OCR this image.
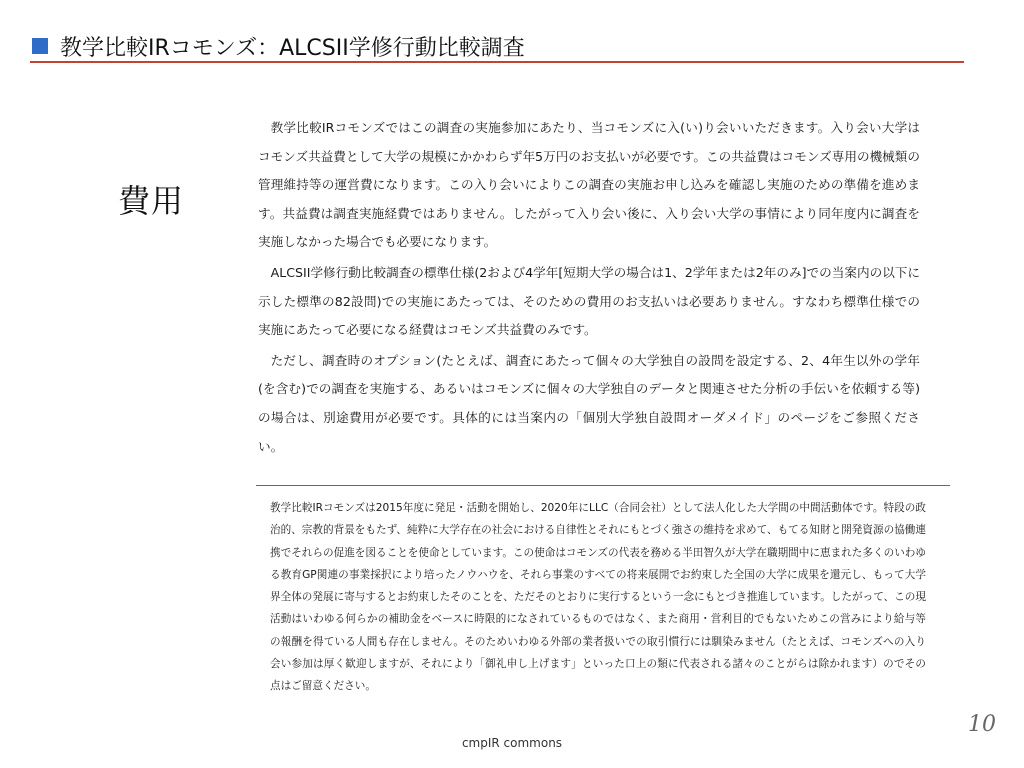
教学比較IRコモンズ：ALCSII学修行動比較調査
費用

教学比較IRコモンズではこの調査の実施参加にあたり、当コモンズに入(い)り会いいただきます。入り会い大学はコモンズ共益費として大学の規模にかかわらず年5万円のお支払いが必要です。この共益費はコモンズ専用の機械類の管理維持等の運営費になります。この入り会いによりこの調査の実施お申し込みを確認し実施のための準備を進めます。共益費は調査実施経費ではありません。したがって入り会い後に、入り会い大学の事情により同年度内に調査を実施しなかった場合でも必要になります。

ALCSII学修行動比較調査の標準仕様(2および4学年[短期大学の場合は1、2学年または2年のみ]での当案内の以下に示した標準の82設問)での実施にあたっては、そのための費用のお支払いは必要ありません。すなわち標準仕様での実施にあたって必要になる経費はコモンズ共益費のみです。

ただし、調査時のオプション(たとえば、調査にあたって個々の大学独自の設問を設定する、2、4年生以外の学年(を含む)での調査を実施する、あるいはコモンズに個々の大学独自のデータと関連させた分析の手伝いを依頼する等)の場合は、別途費用が必要です。具体的には当案内の「個別大学独自設問オーダメイド」のページをご参照ください。

教学比較IRコモンズは2015年度に発足・活動を開始し、2020年にLLC（合同会社）として法人化した大学間の中間活動体です。特段の政治的、宗教的背景をもたず、純粋に大学存在の社会における自律性とそれにもとづく強さの維持を求めて、もてる知財と開発資源の協働連携でそれらの促進を図ることを使命としています。この使命はコモンズの代表を務める半田智久が大学在職期間中に恵まれた多くのいわゆる教育GP関連の事業採択により培ったノウハウを、それら事業のすべての将来展開でお約束した全国の大学に成果を還元し、もって大学界全体の発展に寄与するとお約束したそのことを、ただそのとおりに実行するという一念にもとづき推進しています。したがって、この現活動はいわゆる何らかの補助金をベースに時限的になされているものではなく、また商用・営利目的でもないためこの営みにより給与等の報酬を得ている人間も存在しません。そのためいわゆる外部の業者扱いでの取引慣行には馴染みません（たとえば、コモンズへの入り会い参加は厚く歓迎しますが、それにより「御礼申し上げます」といった口上の類に代表される諸々のことがらは除かれます）のでその点はご留意ください。

cmpIR commons
10
